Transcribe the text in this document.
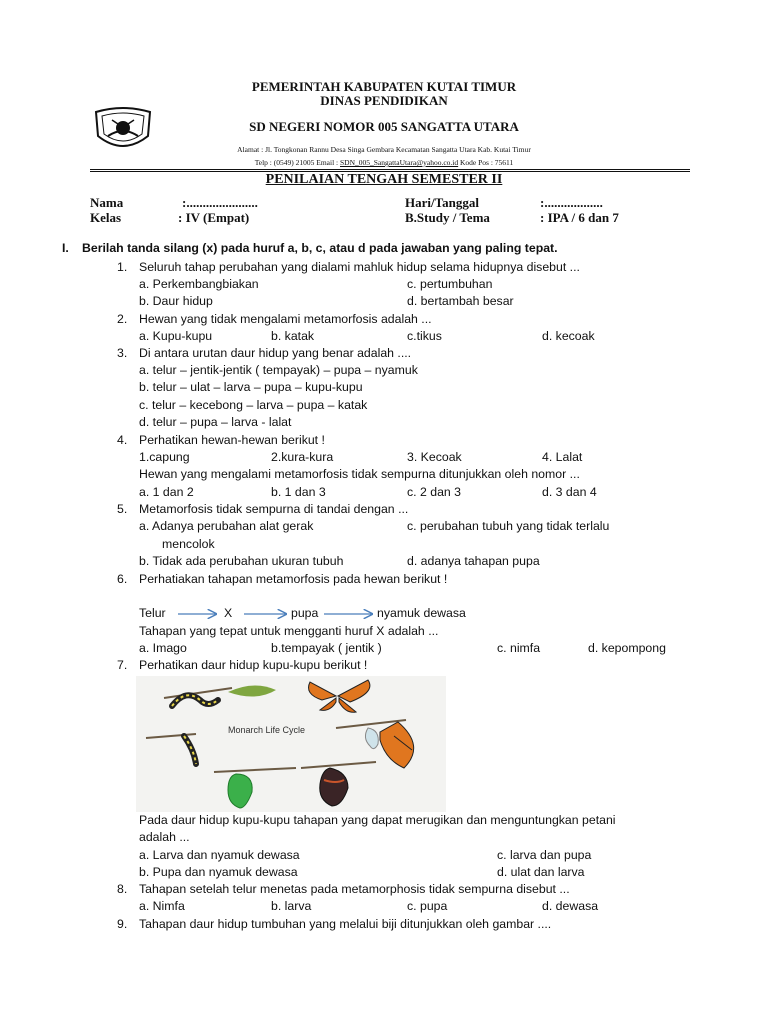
PEMERINTAH KABUPATEN KUTAI TIMUR
DINAS PENDIDIKAN
SD NEGERI NOMOR 005 SANGATTA UTARA
Alamat : Jl. Tongkonan Rannu Desa Singa Gembara Kecamatan Sangatta Utara Kab. Kutai Timur
Telp : (0549) 21005 Email : SDN_005_SangattaUtara@yahoo.co.id Kode Pos : 75611
PENILAIAN TENGAH SEMESTER II
Nama	:......................	Hari/Tanggal	:..................
Kelas	: IV (Empat)	B.Study / Tema	: IPA / 6 dan 7
I. Berilah tanda silang (x) pada huruf a, b, c, atau d pada jawaban yang paling tepat.
1. Seluruh tahap perubahan yang dialami mahluk hidup selama hidupnya disebut ...
a. Perkembangbiakan	c. pertumbuhan
b. Daur hidup	d. bertambah besar
2. Hewan yang tidak mengalami metamorfosis adalah ...
a. Kupu-kupu	b. katak	c.tikus	d. kecoak
3. Di antara urutan daur hidup yang benar adalah ....
a. telur – jentik-jentik ( tempayak) – pupa – nyamuk
b. telur – ulat – larva – pupa – kupu-kupu
c. telur – kecebong – larva – pupa – katak
d. telur – pupa – larva - lalat
4. Perhatikan hewan-hewan berikut !
1.capung	2.kura-kura	3. Kecoak	4. Lalat
Hewan yang mengalami metamorfosis tidak sempurna ditunjukkan oleh nomor ...
a. 1 dan 2	b. 1 dan 3	c. 2 dan 3	d. 3 dan 4
5. Metamorfosis tidak sempurna di tandai dengan ...
a. Adanya perubahan alat gerak	c. perubahan tubuh yang tidak terlalu
mencolok
b. Tidak ada perubahan ukuran tubuh	d. adanya tahapan pupa
6. Perhatiakan tahapan metamorfosis pada hewan berikut !
Telur	X	pupa	nyamuk dewasa
Tahapan yang tepat untuk mengganti huruf X adalah ...
a. Imago	b.tempayak ( jentik )	c. nimfa	d. kepompong
7. Perhatikan daur hidup kupu-kupu berikut !
Monarch Life Cycle
Pada daur hidup kupu-kupu tahapan yang dapat merugikan dan menguntungkan petani
adalah ...
a. Larva dan nyamuk dewasa	c. larva dan pupa
b. Pupa dan nyamuk dewasa	d. ulat dan larva
8. Tahapan setelah telur menetas pada metamorphosis tidak sempurna disebut ...
a. Nimfa	b. larva	c. pupa	d. dewasa
9. Tahapan daur hidup tumbuhan yang melalui biji ditunjukkan oleh gambar ....
